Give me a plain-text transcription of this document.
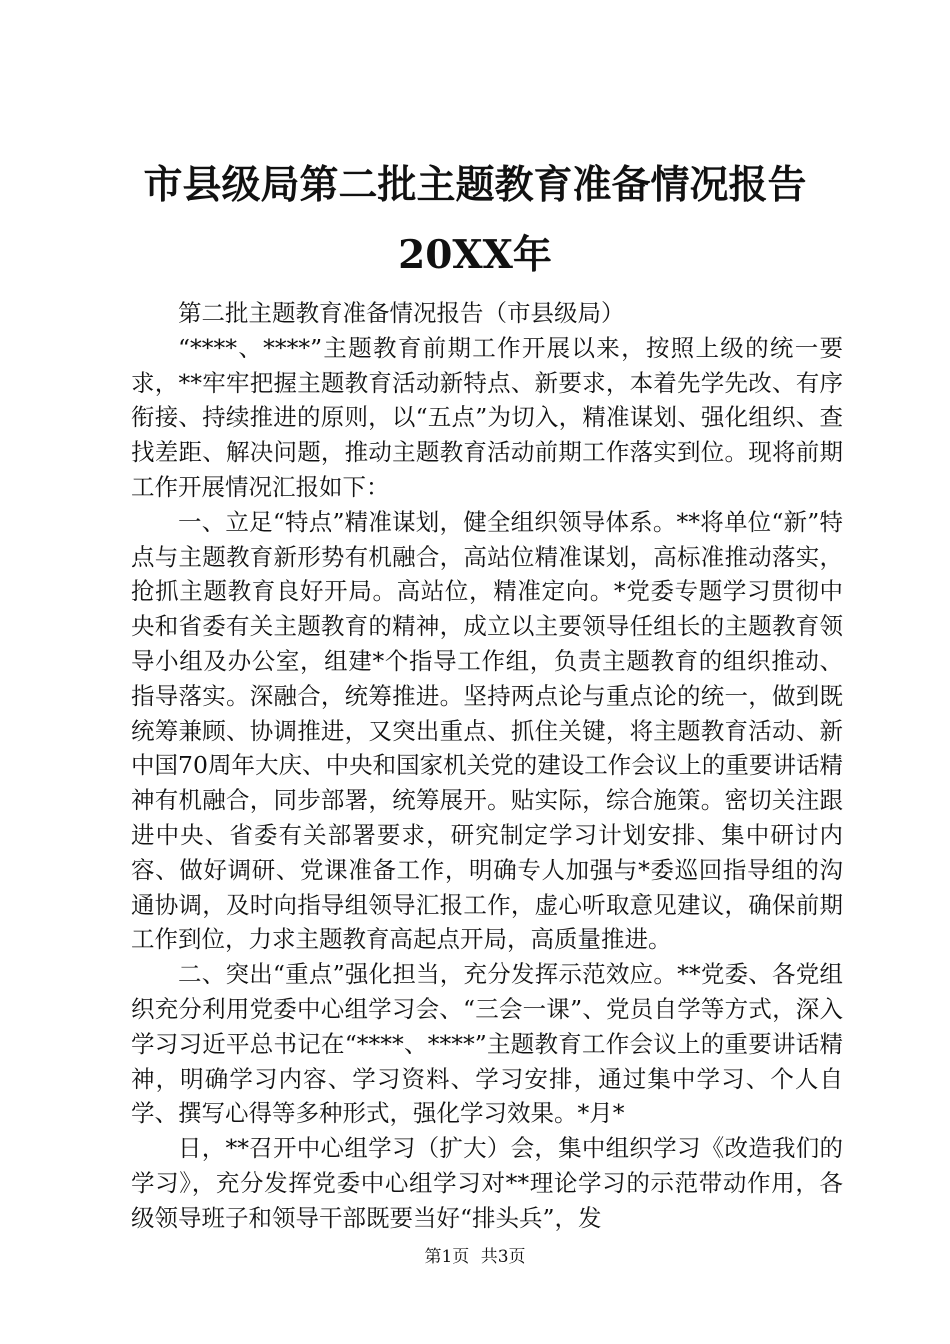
市县级局第二批主题教育准备情况报告20XX年

第二批主题教育准备情况报告（市县级局）

“****、****”主题教育前期工作开展以来，按照上级的统一要求，**牢牢把握主题教育活动新特点、新要求，本着先学先改、有序衔接、持续推进的原则，以“五点”为切入，精准谋划、强化组织、查找差距、解决问题，推动主题教育活动前期工作落实到位。现将前期工作开展情况汇报如下：

一、立足“特点”精准谋划，健全组织领导体系。**将单位“新”特点与主题教育新形势有机融合，高站位精准谋划，高标准推动落实，抢抓主题教育良好开局。高站位，精准定向。*党委专题学习贯彻中央和省委有关主题教育的精神，成立以主要领导任组长的主题教育领导小组及办公室，组建*个指导工作组，负责主题教育的组织推动、指导落实。深融合，统筹推进。坚持两点论与重点论的统一，做到既统筹兼顾、协调推进，又突出重点、抓住关键，将主题教育活动、新中国70周年大庆、中央和国家机关党的建设工作会议上的重要讲话精神有机融合，同步部署，统筹展开。贴实际，综合施策。密切关注跟进中央、省委有关部署要求，研究制定学习计划安排、集中研讨内容、做好调研、党课准备工作，明确专人加强与*委巡回指导组的沟通协调，及时向指导组领导汇报工作，虚心听取意见建议，确保前期工作到位，力求主题教育高起点开局，高质量推进。

二、突出“重点”强化担当，充分发挥示范效应。**党委、各党组织充分利用党委中心组学习会、“三会一课”、党员自学等方式，深入学习习近平总书记在“****、****”主题教育工作会议上的重要讲话精神，明确学习内容、学习资料、学习安排，通过集中学习、个人自学、撰写心得等多种形式，强化学习效果。*月*

日，**召开中心组学习（扩大）会，集中组织学习《改造我们的学习》，充分发挥党委中心组学习对**理论学习的示范带动作用，各级领导班子和领导干部既要当好“排头兵”，发

第1页 共3页
